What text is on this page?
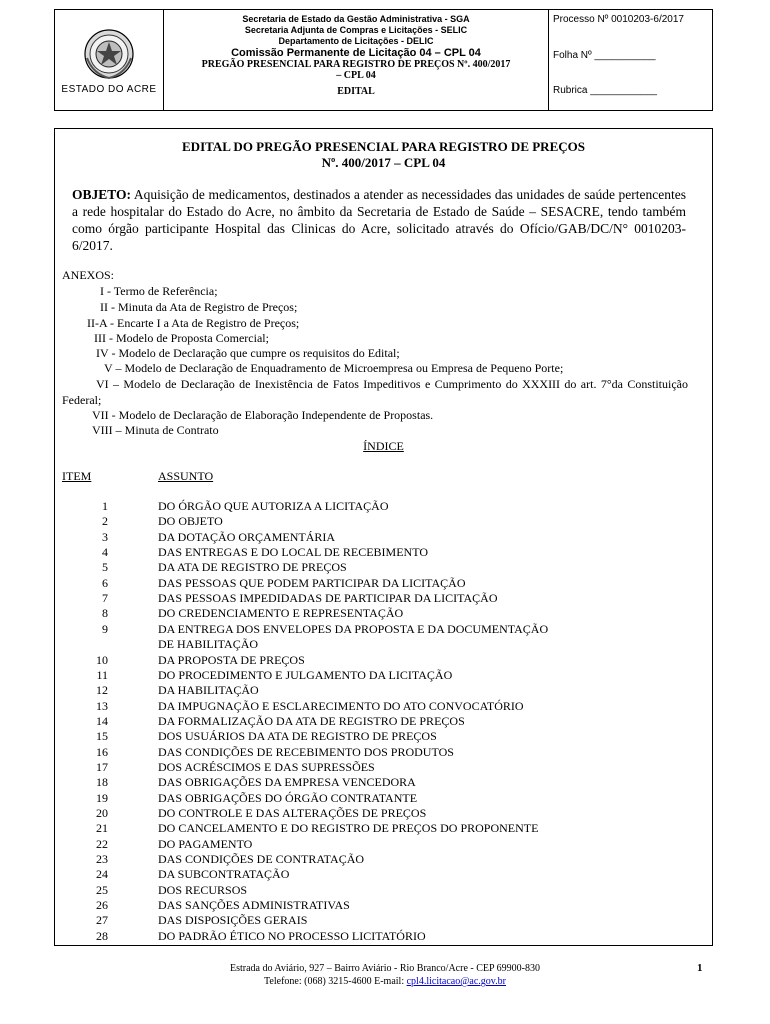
ESTADO DO ACRE
Secretaria de Estado da Gestão Administrativa - SGA
Secretaria Adjunta de Compras e Licitações - SELIC
Departamento de Licitações - DELIC
Comissão Permanente de Licitação 04 – CPL 04
PREGÃO PRESENCIAL PARA REGISTRO DE PREÇOS Nº. 400/2017
– CPL 04
EDITAL
Processo Nº 0010203-6/2017
Folha Nº ___________
Rubrica ____________
EDITAL DO PREGÃO PRESENCIAL PARA REGISTRO DE PREÇOS
Nº. 400/2017 – CPL 04
OBJETO: Aquisição de medicamentos, destinados a atender as necessidades das unidades de saúde pertencentes a rede hospitalar do Estado do Acre, no âmbito da Secretaria de Estado de Saúde – SESACRE, tendo também como órgão participante Hospital das Clinicas do Acre, solicitado através do Ofício/GAB/DC/N° 0010203-6/2017.
ANEXOS:
I - Termo de Referência;
II - Minuta da Ata de Registro de Preços;
II-A - Encarte I a Ata de Registro de Preços;
III - Modelo de Proposta Comercial;
IV - Modelo de Declaração que cumpre os requisitos do Edital;
V – Modelo de Declaração de Enquadramento de Microempresa ou Empresa de Pequeno Porte;
VI – Modelo de Declaração de Inexistência de Fatos Impeditivos e Cumprimento do XXXIII do art. 7°da Constituição Federal;
VII - Modelo de Declaração de Elaboração Independente de Propostas.
VIII – Minuta de Contrato
ÍNDICE
ITEM	ASSUNTO
1	DO ÓRGÃO QUE AUTORIZA A LICITAÇÃO
2	DO OBJETO
3	DA DOTAÇÃO ORÇAMENTÁRIA
4	DAS ENTREGAS E DO LOCAL DE RECEBIMENTO
5	DA ATA DE REGISTRO DE PREÇOS
6	DAS PESSOAS QUE PODEM PARTICIPAR DA LICITAÇÃO
7	DAS PESSOAS IMPEDIDADAS DE PARTICIPAR DA LICITAÇÃO
8	DO CREDENCIAMENTO E REPRESENTAÇÃO
9	DA ENTREGA DOS ENVELOPES DA PROPOSTA E DA DOCUMENTAÇÃO
DE HABILITAÇÃO
10	DA PROPOSTA DE PREÇOS
11	DO PROCEDIMENTO E JULGAMENTO DA LICITAÇÃO
12	DA HABILITAÇÃO
13	DA IMPUGNAÇÃO E ESCLARECIMENTO DO ATO CONVOCATÓRIO
14	DA FORMALIZAÇÃO DA ATA DE REGISTRO DE PREÇOS
15	DOS USUÁRIOS DA ATA DE REGISTRO DE PREÇOS
16	DAS CONDIÇÕES DE RECEBIMENTO DOS PRODUTOS
17	DOS ACRÉSCIMOS E DAS SUPRESSÕES
18	DAS OBRIGAÇÕES DA EMPRESA VENCEDORA
19	DAS OBRIGAÇÕES DO ÓRGÃO CONTRATANTE
20	DO CONTROLE E DAS ALTERAÇÕES DE PREÇOS
21	DO CANCELAMENTO E DO REGISTRO DE PREÇOS DO PROPONENTE
22	DO PAGAMENTO
23	DAS CONDIÇÕES DE CONTRATAÇÃO
24	DA SUBCONTRATAÇÃO
25	DOS RECURSOS
26	DAS SANÇÕES ADMINISTRATIVAS
27	DAS DISPOSIÇÕES GERAIS
28	DO PADRÃO ÉTICO NO PROCESSO LICITATÓRIO
Estrada do Aviário, 927 – Bairro Aviário - Rio Branco/Acre - CEP 69900-830
Telefone: (068) 3215-4600 E-mail: cpl4.licitacao@ac.gov.br
1
